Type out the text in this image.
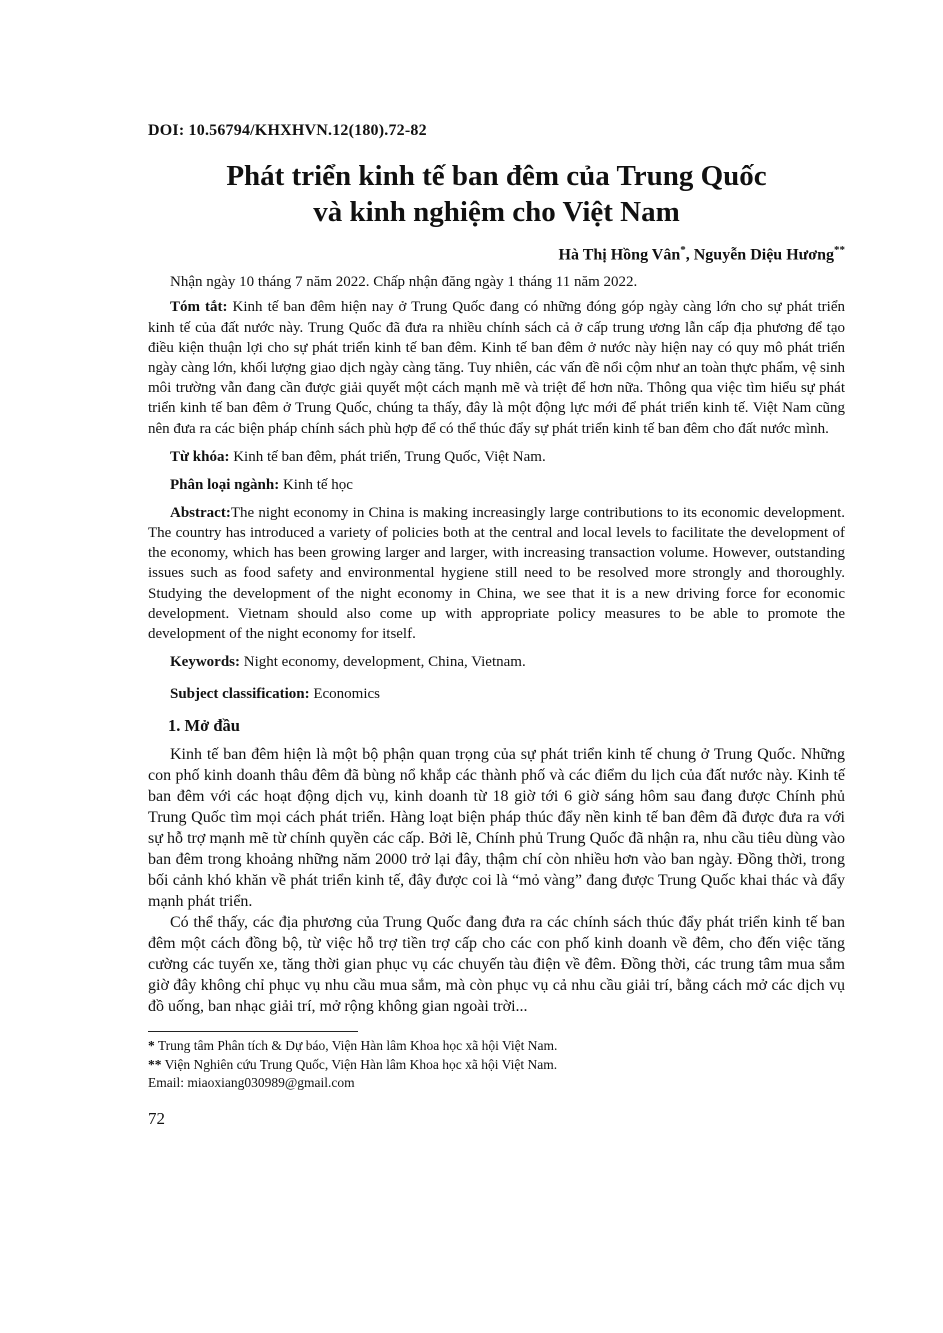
DOI: 10.56794/KHXHVN.12(180).72-82
Phát triển kinh tế ban đêm của Trung Quốc
và kinh nghiệm cho Việt Nam
Hà Thị Hồng Vân*, Nguyễn Diệu Hương**
Nhận ngày 10 tháng 7 năm 2022. Chấp nhận đăng ngày 1 tháng 11 năm 2022.

Tóm tắt: Kinh tế ban đêm hiện nay ở Trung Quốc đang có những đóng góp ngày càng lớn cho sự phát triển kinh tế của đất nước này. Trung Quốc đã đưa ra nhiều chính sách cả ở cấp trung ương lẫn cấp địa phương để tạo điều kiện thuận lợi cho sự phát triển kinh tế ban đêm. Kinh tế ban đêm ở nước này hiện nay có quy mô phát triển ngày càng lớn, khối lượng giao dịch ngày càng tăng. Tuy nhiên, các vấn đề nổi cộm như an toàn thực phẩm, vệ sinh môi trường vẫn đang cần được giải quyết một cách mạnh mẽ và triệt để hơn nữa. Thông qua việc tìm hiểu sự phát triển kinh tế ban đêm ở Trung Quốc, chúng ta thấy, đây là một động lực mới để phát triển kinh tế. Việt Nam cũng nên đưa ra các biện pháp chính sách phù hợp để có thể thúc đẩy sự phát triển kinh tế ban đêm cho đất nước mình.

Từ khóa: Kinh tế ban đêm, phát triển, Trung Quốc, Việt Nam.

Phân loại ngành: Kinh tế học

Abstract:The night economy in China is making increasingly large contributions to its economic development. The country has introduced a variety of policies both at the central and local levels to facilitate the development of the economy, which has been growing larger and larger, with increasing transaction volume. However, outstanding issues such as food safety and environmental hygiene still need to be resolved more strongly and thoroughly. Studying the development of the night economy in China, we see that it is a new driving force for economic development. Vietnam should also come up with appropriate policy measures to be able to promote the development of the night economy for itself.

Keywords: Night economy, development, China, Vietnam.

Subject classification: Economics

1. Mở đầu

Kinh tế ban đêm hiện là một bộ phận quan trọng của sự phát triển kinh tế chung ở Trung Quốc. Những con phố kinh doanh thâu đêm đã bùng nổ khắp các thành phố và các điểm du lịch của đất nước này. Kinh tế ban đêm với các hoạt động dịch vụ, kinh doanh từ 18 giờ tới 6 giờ sáng hôm sau đang được Chính phủ Trung Quốc tìm mọi cách phát triển. Hàng loạt biện pháp thúc đẩy nền kinh tế ban đêm đã được đưa ra với sự hỗ trợ mạnh mẽ từ chính quyền các cấp. Bởi lẽ, Chính phủ Trung Quốc đã nhận ra, nhu cầu tiêu dùng vào ban đêm trong khoảng những năm 2000 trở lại đây, thậm chí còn nhiều hơn vào ban ngày. Đồng thời, trong bối cảnh khó khăn về phát triển kinh tế, đây được coi là “mỏ vàng” đang được Trung Quốc khai thác và đẩy mạnh phát triển.

Có thể thấy, các địa phương của Trung Quốc đang đưa ra các chính sách thúc đẩy phát triển kinh tế ban đêm một cách đồng bộ, từ việc hỗ trợ tiền trợ cấp cho các con phố kinh doanh về đêm, cho đến việc tăng cường các tuyến xe, tăng thời gian phục vụ các chuyến tàu điện về đêm. Đồng thời, các trung tâm mua sắm giờ đây không chỉ phục vụ nhu cầu mua sắm, mà còn phục vụ cả nhu cầu giải trí, bằng cách mở các dịch vụ đồ uống, ban nhạc giải trí, mở rộng không gian ngoài trời...

* Trung tâm Phân tích & Dự báo, Viện Hàn lâm Khoa học xã hội Việt Nam.
** Viện Nghiên cứu Trung Quốc, Viện Hàn lâm Khoa học xã hội Việt Nam.
Email: miaoxiang030989@gmail.com
72
